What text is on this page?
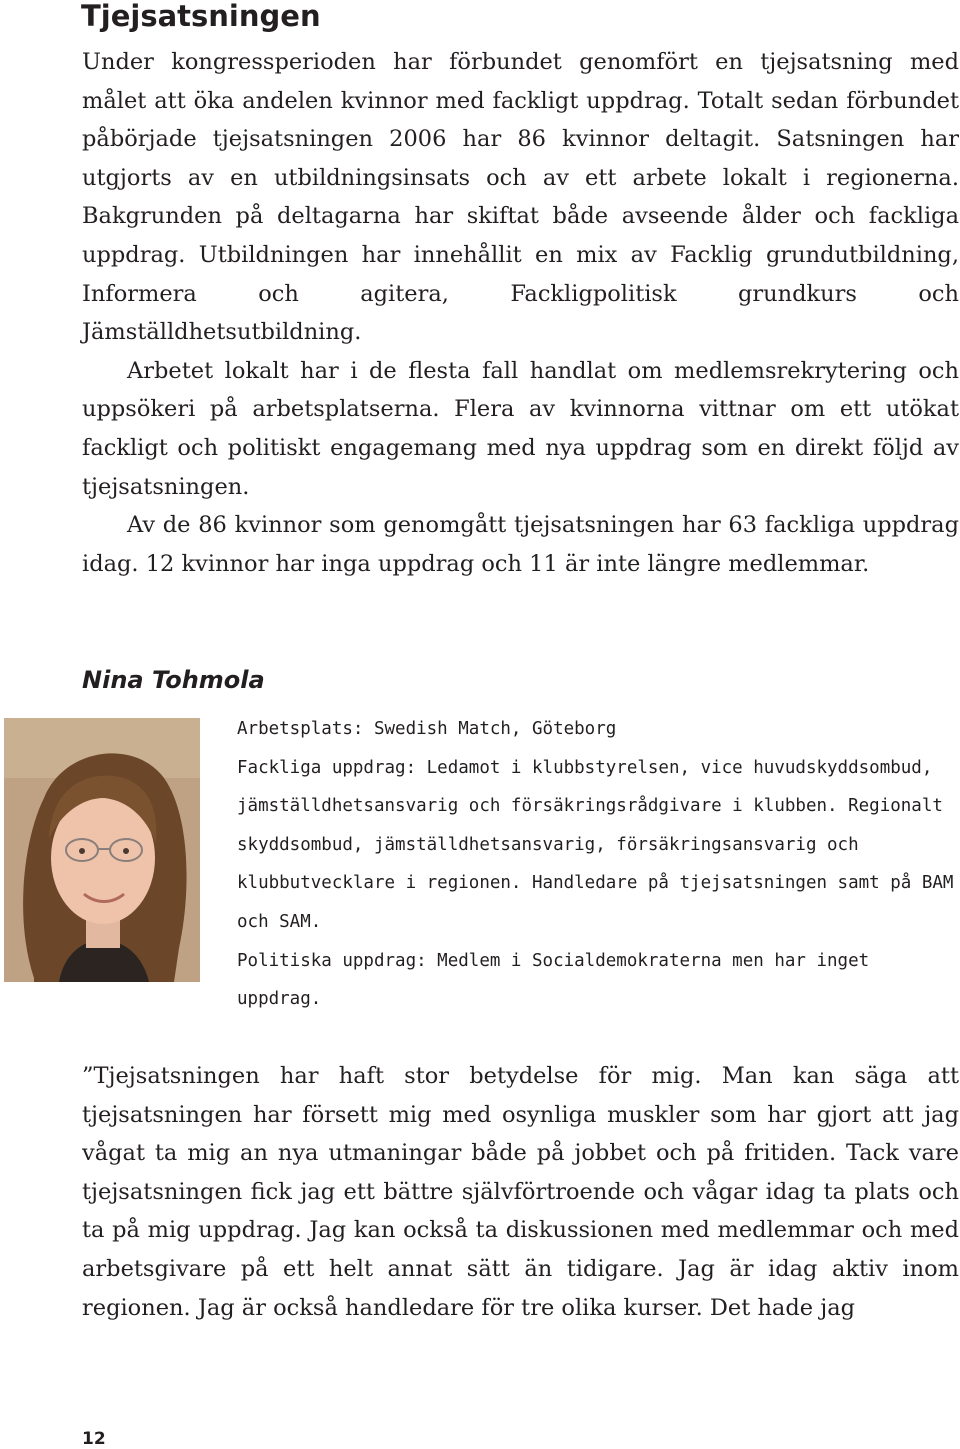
Tjejsatsningen

Under kongressperioden har förbundet genomfört en tjejsatsning med målet att öka andelen kvinnor med fackligt uppdrag. Totalt sedan förbundet påbörjade tjejsatsningen 2006 har 86 kvinnor deltagit. Satsningen har utgjorts av en utbildningsinsats och av ett arbete lokalt i regionerna. Bakgrunden på deltagarna har skiftat både avseende ålder och fackliga uppdrag. Utbildningen har innehållit en mix av Facklig grundutbildning, Informera och agitera, Fackligpolitisk grundkurs och Jämställdhetsutbildning.

Arbetet lokalt har i de flesta fall handlat om medlemsrekrytering och uppsökeri på arbetsplatserna. Flera av kvinnorna vittnar om ett utökat fackligt och politiskt engagemang med nya uppdrag som en direkt följd av tjejsatsningen.

Av de 86 kvinnor som genomgått tjejsatsningen har 63 fackliga uppdrag idag. 12 kvinnor har inga uppdrag och 11 är inte längre medlemmar.

Nina Tohmola

Arbetsplats: Swedish Match, Göteborg

Fackliga uppdrag: Ledamot i klubbstyrelsen, vice huvudskyddsombud, jämställdhetsansvarig och försäkringsrådgivare i klubben. Regionalt skyddsombud, jämställdhetsansvarig, försäkringsansvarig och klubbutvecklare i regionen. Handledare på tjejsatsningen samt på BAM och SAM.

Politiska uppdrag: Medlem i Socialdemokraterna men har inget uppdrag.

”Tjejsatsningen har haft stor betydelse för mig. Man kan säga att tjejsatsningen har försett mig med osynliga muskler som har gjort att jag vågat ta mig an nya utmaningar både på jobbet och på fritiden. Tack vare tjejsatsningen fick jag ett bättre självförtroende och vågar idag ta plats och ta på mig uppdrag. Jag kan också ta diskussionen med medlemmar och med arbetsgivare på ett helt annat sätt än tidigare. Jag är idag aktiv inom regionen. Jag är också handledare för tre olika kurser. Det hade jag

12
